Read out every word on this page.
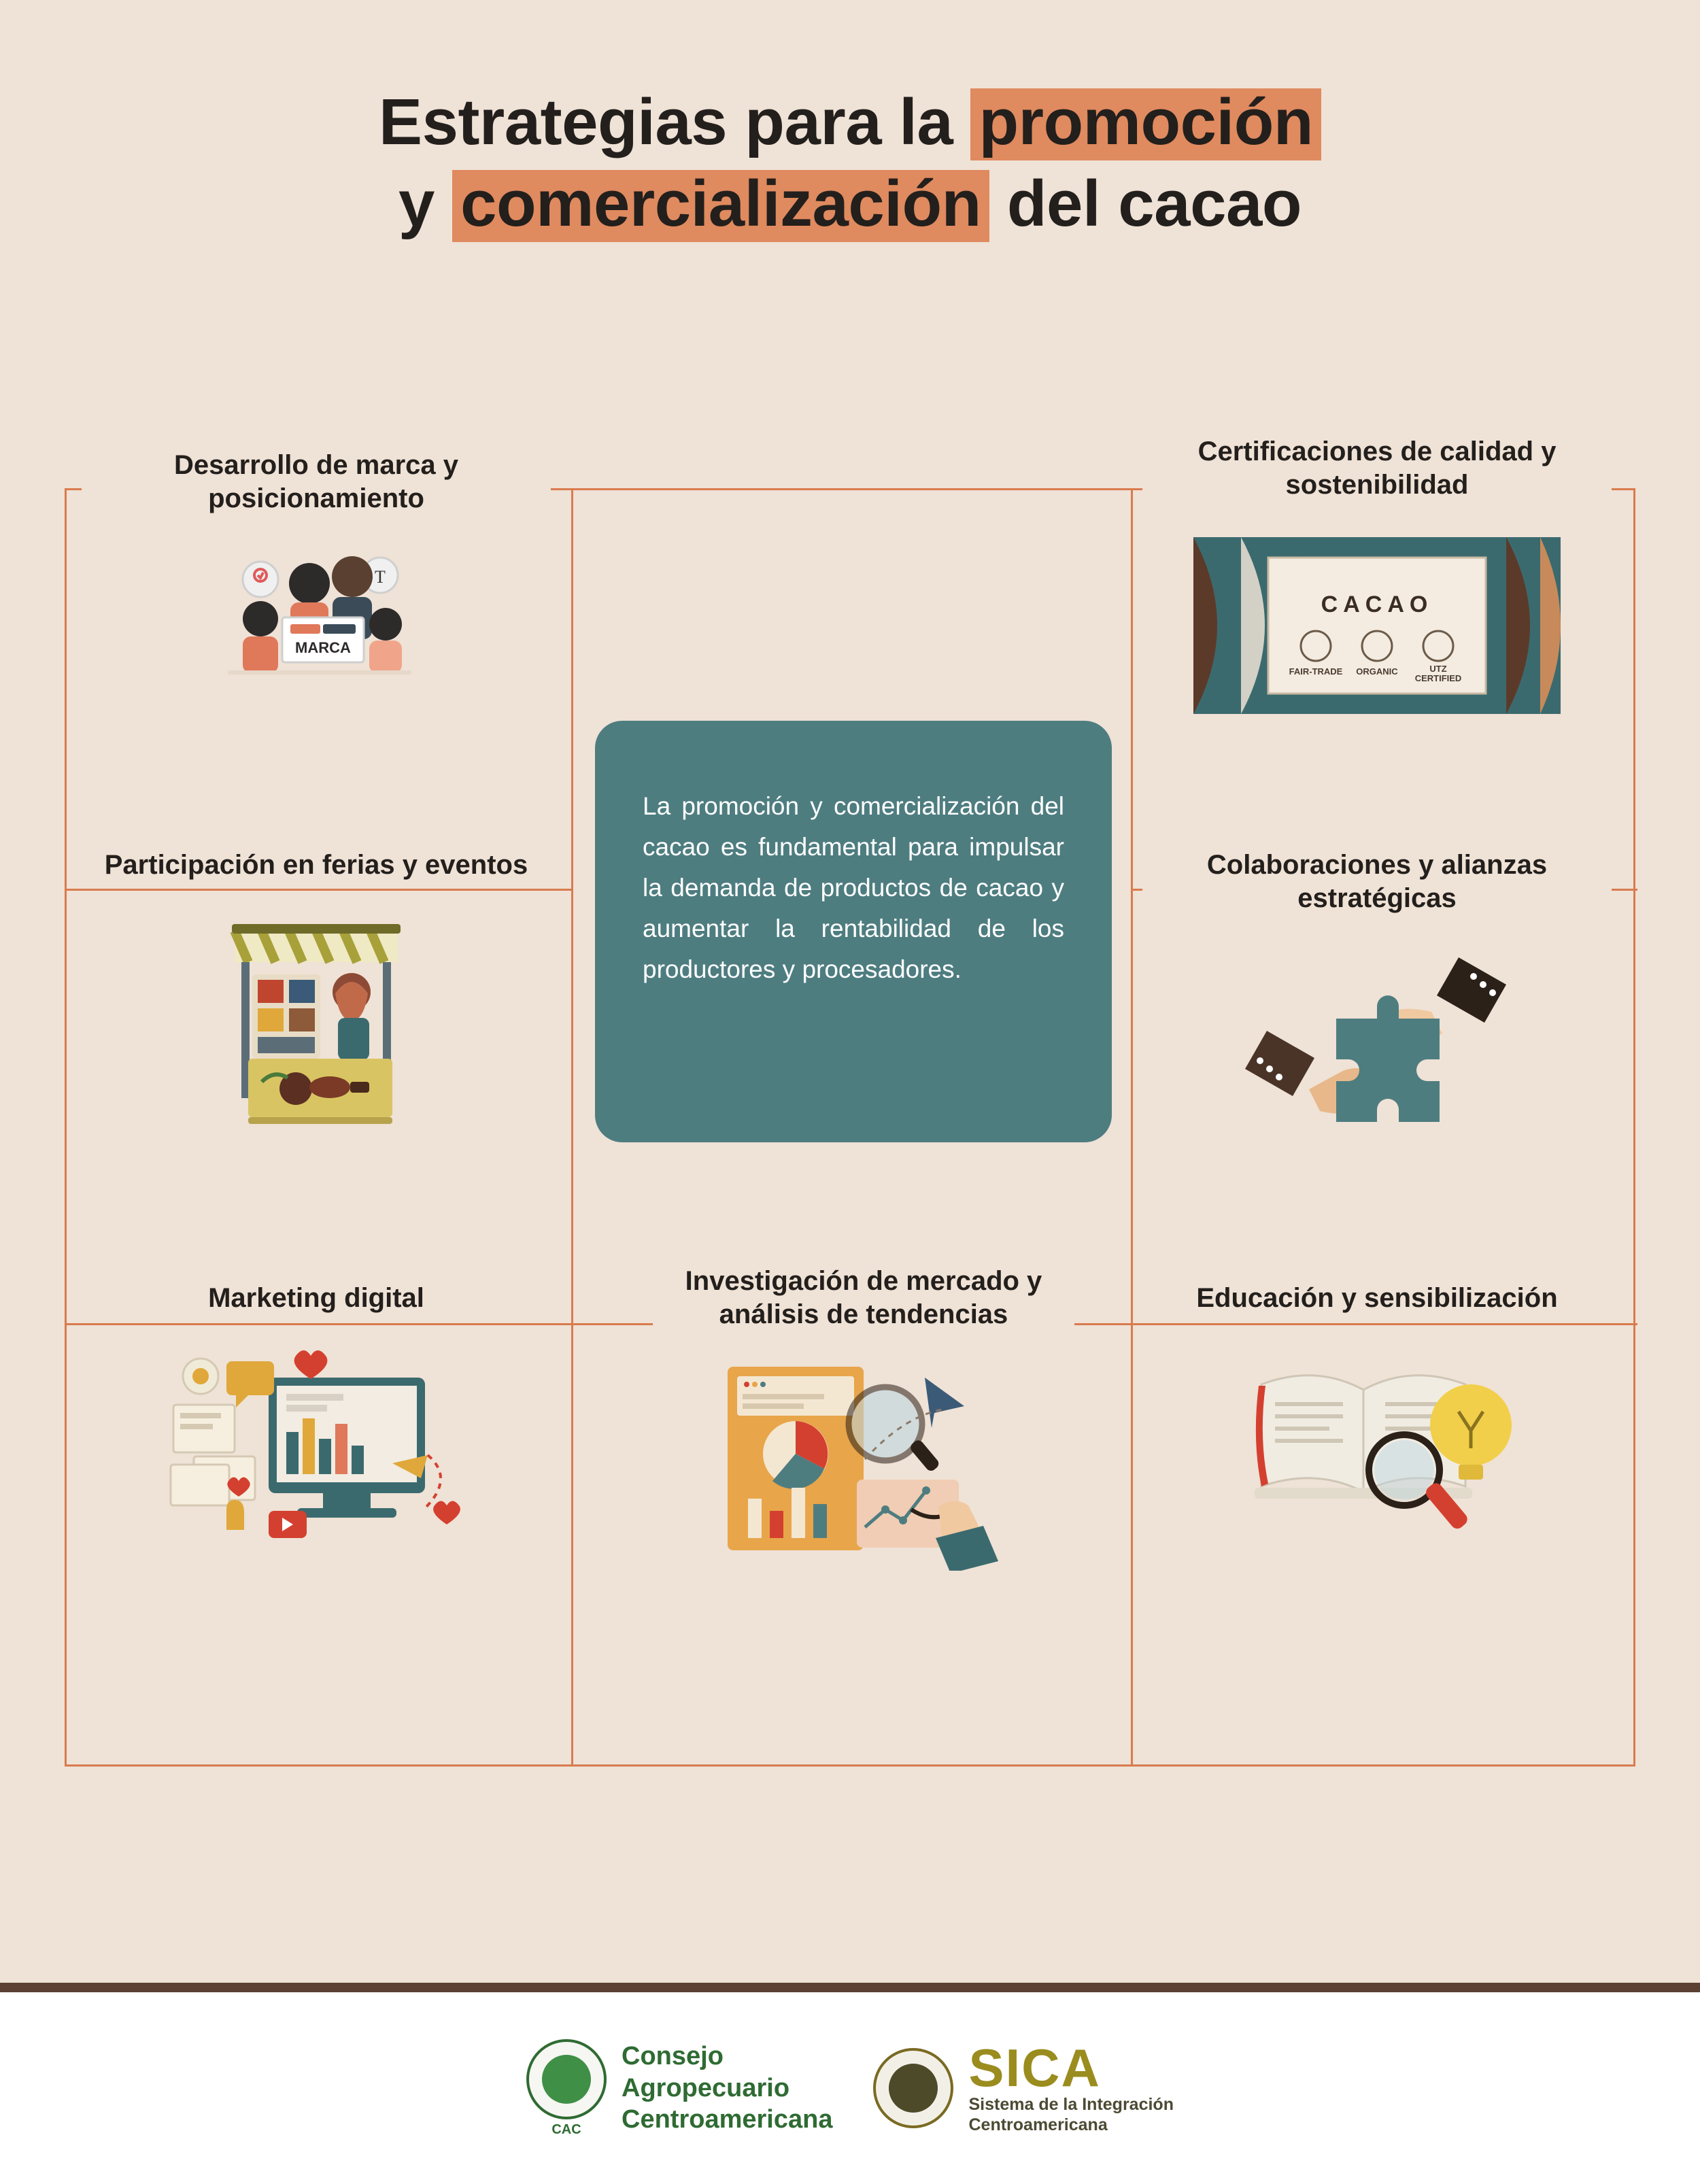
Estrategias para la promoción
y comercialización del cacao
Desarrollo de marca y posicionamiento
T
MARCA
Participación en ferias y eventos
Marketing digital
Certificaciones de calidad y sostenibilidad
CACAO
FAIR-TRADE ORGANIC	UTZ
CERTIFIED
Colaboraciones y alianzas estratégicas
Educación y sensibilización
Investigación de mercado y análisis de tendencias
La promoción y comercialización del cacao es fundamental para impulsar la demanda de productos de cacao y aumentar la rentabilidad de los productores y procesadores.
CAC
Consejo
Agropecuario
Centroamericana
SICA
Sistema de la Integración
Centroamericana
